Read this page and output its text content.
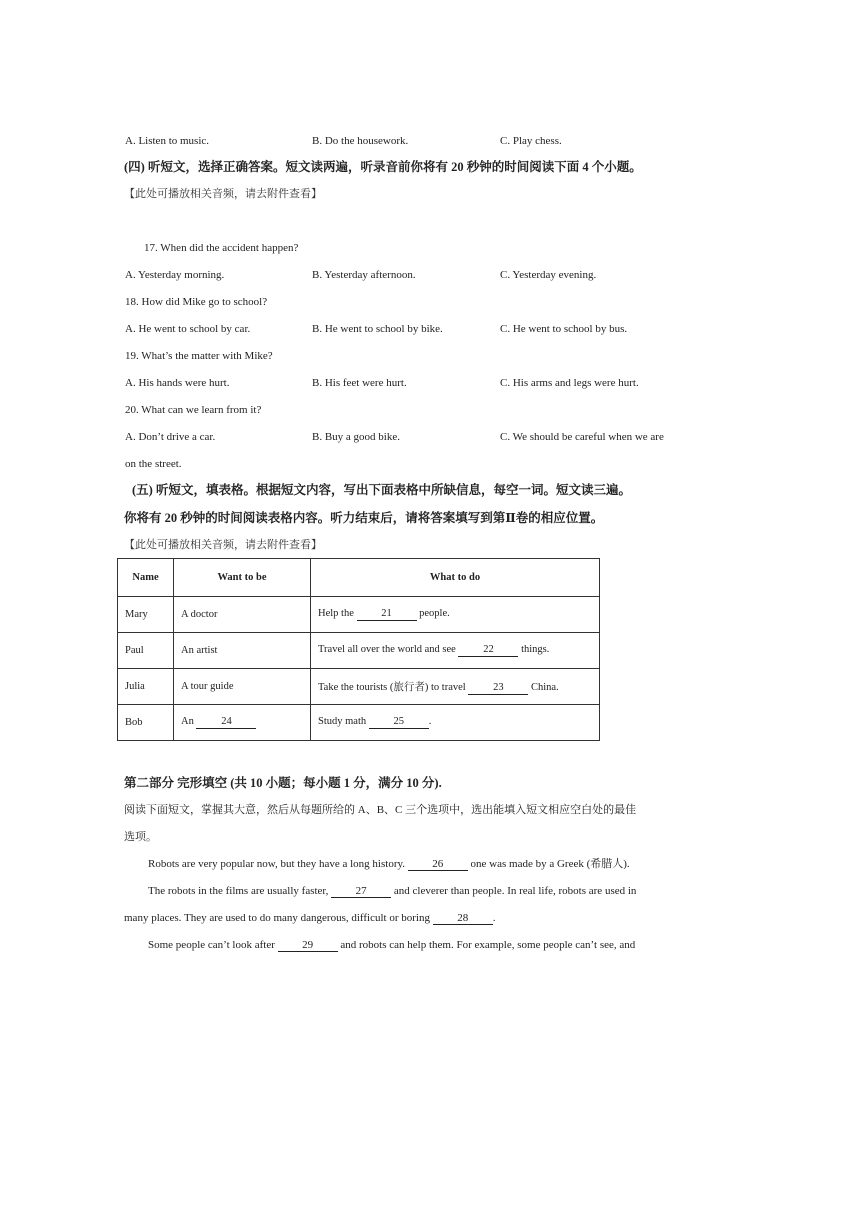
A. Listen to music.	B. Do the housework.	C. Play chess.
(四) 听短文，选择正确答案。短文读两遍，听录音前你将有 20 秒钟的时间阅读下面 4 个小题。
【此处可播放相关音频，请去附件查看】
17. When did the accident happen?
A. Yesterday morning.	B. Yesterday afternoon.	C. Yesterday evening.
18. How did Mike go to school?
A. He went to school by car.	B. He went to school by bike.	C. He went to school by bus.
19. What’s the matter with Mike?
A. His hands were hurt.	B. His feet were hurt.	C. His arms and legs were hurt.
20. What can we learn from it?
A. Don’t drive a car.	B. Buy a good bike.	C. We should be careful when we are
on the street.
(五) 听短文，填表格。根据短文内容，写出下面表格中所缺信息，每空一词。短文读三遍。
你将有 20 秒钟的时间阅读表格内容。听力结束后，请将答案填写到第Ⅱ卷的相应位置。
【此处可播放相关音频，请去附件查看】
Name	Want to be	What to do
Mary	A doctor	Help the 21 people.
Paul	An artist	Travel all over the world and see 22 things.
Julia	A tour guide	Take the tourists (旅行者) to travel 23 China.
Bob	An 24	Study math 25 .
第二部分 完形填空 (共 10 小题；每小题 1 分，满分 10 分).
阅读下面短文，掌握其大意，然后从每题所给的 A、B、C 三个选项中，选出能填入短文相应空白处的最佳
选项。
Robots are very popular now, but they have a long history. 26 one was made by a Greek (希腊人).
The robots in the films are usually faster, 27 and cleverer than people. In real life, robots are used in
many places. They are used to do many dangerous, difficult or boring 28 .
Some people can’t look after 29 and robots can help them. For example, some people can’t see, and
